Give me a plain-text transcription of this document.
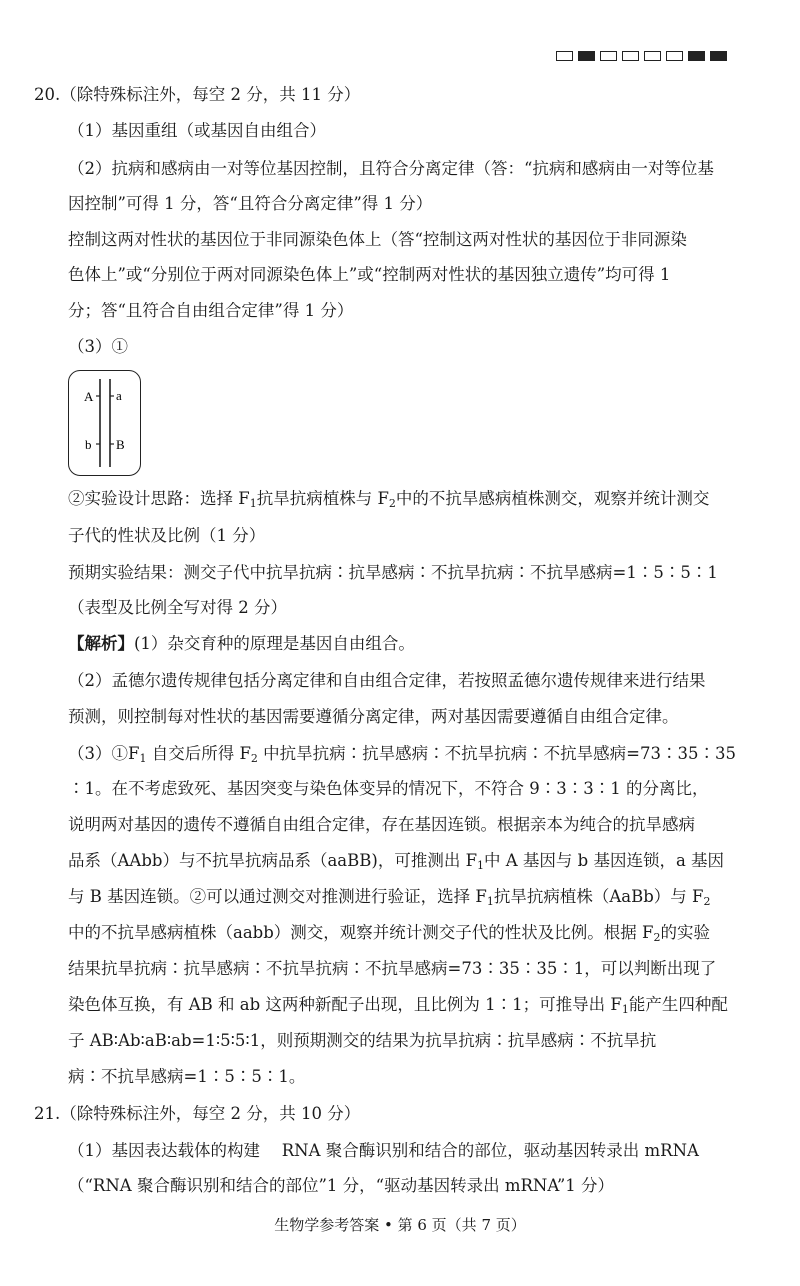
20.（除特殊标注外，每空 2 分，共 11 分）
（1）基因重组（或基因自由组合）
（2）抗病和感病由一对等位基因控制，且符合分离定律（答：“抗病和感病由一对等位基
因控制”可得 1 分，答“且符合分离定律”得 1 分）
控制这两对性状的基因位于非同源染色体上（答“控制这两对性状的基因位于非同源染
色体上”或“分别位于两对同源染色体上”或“控制两对性状的基因独立遗传”均可得 1
分；答“且符合自由组合定律”得 1 分）
（3）①
A a
b B
②实验设计思路：选择 $F_1$抗旱抗病植株与 $F_2$中的不抗旱感病植株测交，观察并统计测交
子代的性状及比例（1 分）
预期实验结果：测交子代中抗旱抗病∶抗旱感病∶不抗旱抗病∶不抗旱感病=1∶5∶5∶1
（表型及比例全写对得 2 分）
【解析】(1）杂交育种的原理是基因自由组合。
（2）孟德尔遗传规律包括分离定律和自由组合定律，若按照孟德尔遗传规律来进行结果
预测，则控制每对性状的基因需要遵循分离定律，两对基因需要遵循自由组合定律。
$(3)①F_1$ 自交后所得 $F_2$ 中抗旱抗病∶抗旱感病∶不抗旱抗病∶不抗旱感病=73∶35∶35
∶1。在不考虑致死、基因突变与染色体变异的情况下，不符合 9∶3∶3∶1 的分离比，
说明两对基因的遗传不遵循自由组合定律，存在基因连锁。根据亲本为纯合的抗旱感病
品系（AAbb）与不抗旱抗病品系（aaBB)，可推测出 $F_1$中 A 基因与 b 基因连锁，a 基因
与 B 基因连锁。②可以通过测交对推测进行验证，选择 $F_1$抗旱抗病植株（AaBb）与 $F_2$
中的不抗旱感病植株（aabb）测交，观察并统计测交子代的性状及比例。根据 $F_2$的实验
结果抗旱抗病∶抗旱感病∶不抗旱抗病∶不抗旱感病=73∶35∶35∶1，可以判断出现了
染色体互换，有 AB 和 ab 这两种新配子出现，且比例为 1∶1；可推导出 $F_1$能产生四种配
子 AB∶Ab∶aB∶ab=1∶5∶5∶1，则预期测交的结果为抗旱抗病∶抗旱感病∶不抗旱抗
病∶不抗旱感病=1∶5∶5∶1。
21.（除特殊标注外，每空 2 分，共 10 分）
（1）基因表达载体的构建　 RNA 聚合酶识别和结合的部位，驱动基因转录出 mRNA
（“RNA 聚合酶识别和结合的部位”1 分，“驱动基因转录出 mRNA”1 分）
生物学参考答案 • 第 6 页（共 7 页）
